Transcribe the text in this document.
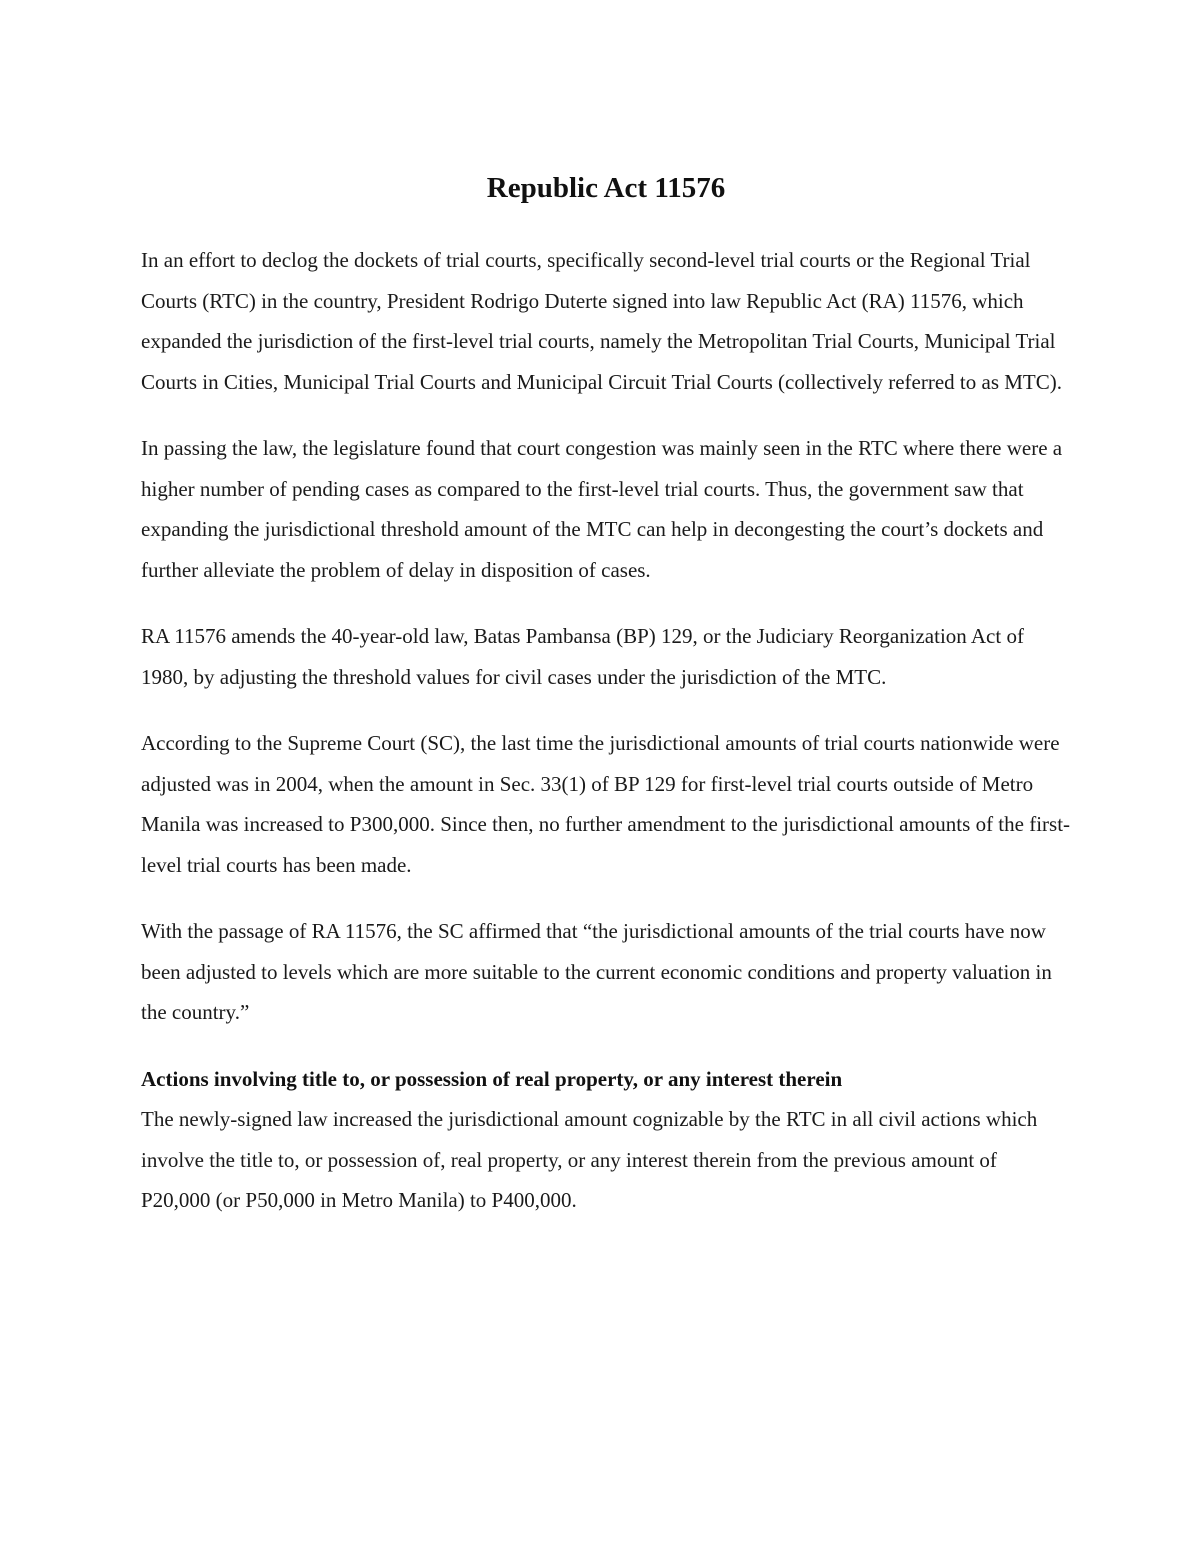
Republic Act 11576

In an effort to declog the dockets of trial courts, specifically second-level trial courts or the Regional Trial Courts (RTC) in the country, President Rodrigo Duterte signed into law Republic Act (RA) 11576, which expanded the jurisdiction of the first-level trial courts, namely the Metropolitan Trial Courts, Municipal Trial Courts in Cities, Municipal Trial Courts and Municipal Circuit Trial Courts (collectively referred to as MTC).

In passing the law, the legislature found that court congestion was mainly seen in the RTC where there were a higher number of pending cases as compared to the first-level trial courts. Thus, the government saw that expanding the jurisdictional threshold amount of the MTC can help in decongesting the court’s dockets and further alleviate the problem of delay in disposition of cases.

RA 11576 amends the 40-year-old law, Batas Pambansa (BP) 129, or the Judiciary Reorganization Act of 1980, by adjusting the threshold values for civil cases under the jurisdiction of the MTC.

According to the Supreme Court (SC), the last time the jurisdictional amounts of trial courts nationwide were adjusted was in 2004, when the amount in Sec. 33(1) of BP 129 for first-level trial courts outside of Metro Manila was increased to P300,000. Since then, no further amendment to the jurisdictional amounts of the first-level trial courts has been made.

With the passage of RA 11576, the SC affirmed that “the jurisdictional amounts of the trial courts have now been adjusted to levels which are more suitable to the current economic conditions and property valuation in the country.”

Actions involving title to, or possession of real property, or any interest therein

The newly-signed law increased the jurisdictional amount cognizable by the RTC in all civil actions which involve the title to, or possession of, real property, or any interest therein from the previous amount of P20,000 (or P50,000 in Metro Manila) to P400,000.
